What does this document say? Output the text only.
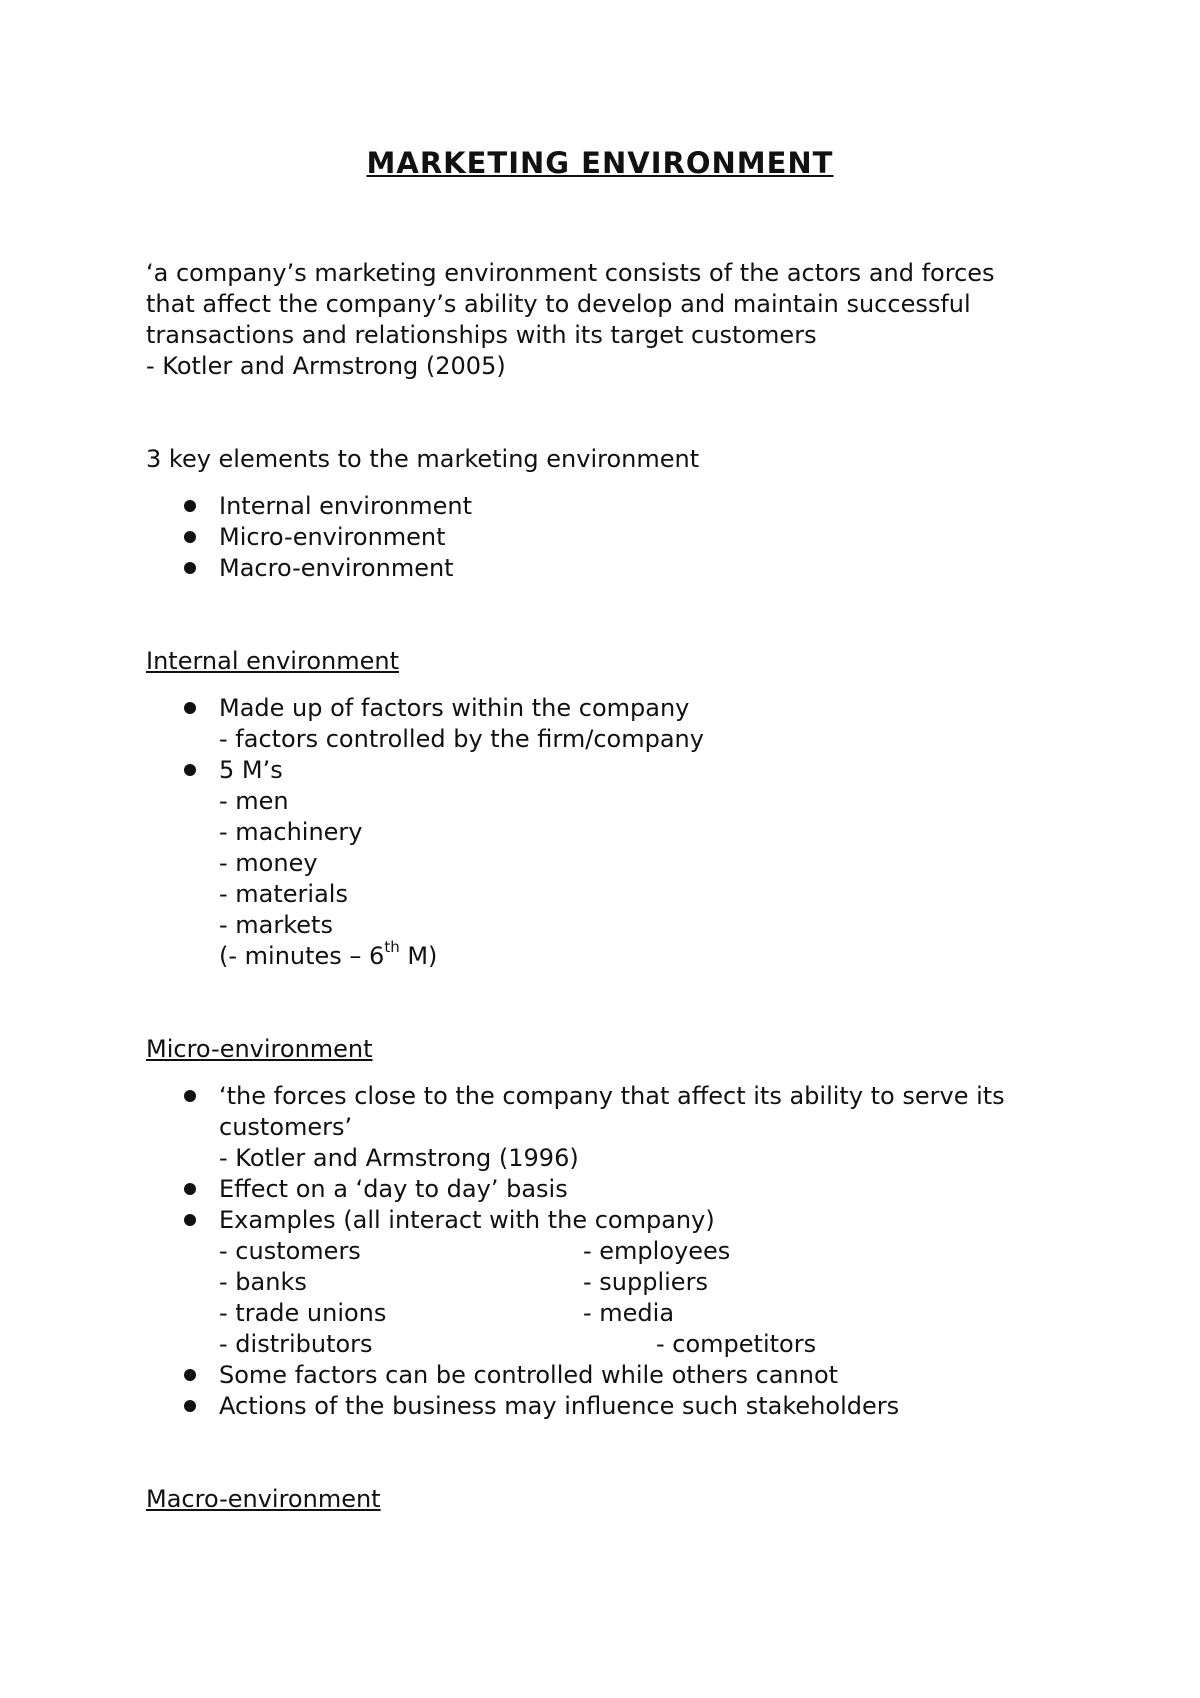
MARKETING ENVIRONMENT
‘a company’s marketing environment consists of the actors and forces
that affect the company’s ability to develop and maintain successful
transactions and relationships with its target customers
- Kotler and Armstrong (2005)
3 key elements to the marketing environment
Internal environment
Micro-environment
Macro-environment
Internal environment
Made up of factors within the company
- factors controlled by the firm/company
5 M’s
- men
- machinery
- money
- materials
- markets
(- minutes – 6th M)
Micro-environment
‘the forces close to the company that affect its ability to serve its
customers’
- Kotler and Armstrong (1996)
Effect on a ‘day to day’ basis
Examples (all interact with the company)
- customers	- employees
- banks	- suppliers
- trade unions	- media
- distributors	- competitors
Some factors can be controlled while others cannot
Actions of the business may influence such stakeholders
Macro-environment
